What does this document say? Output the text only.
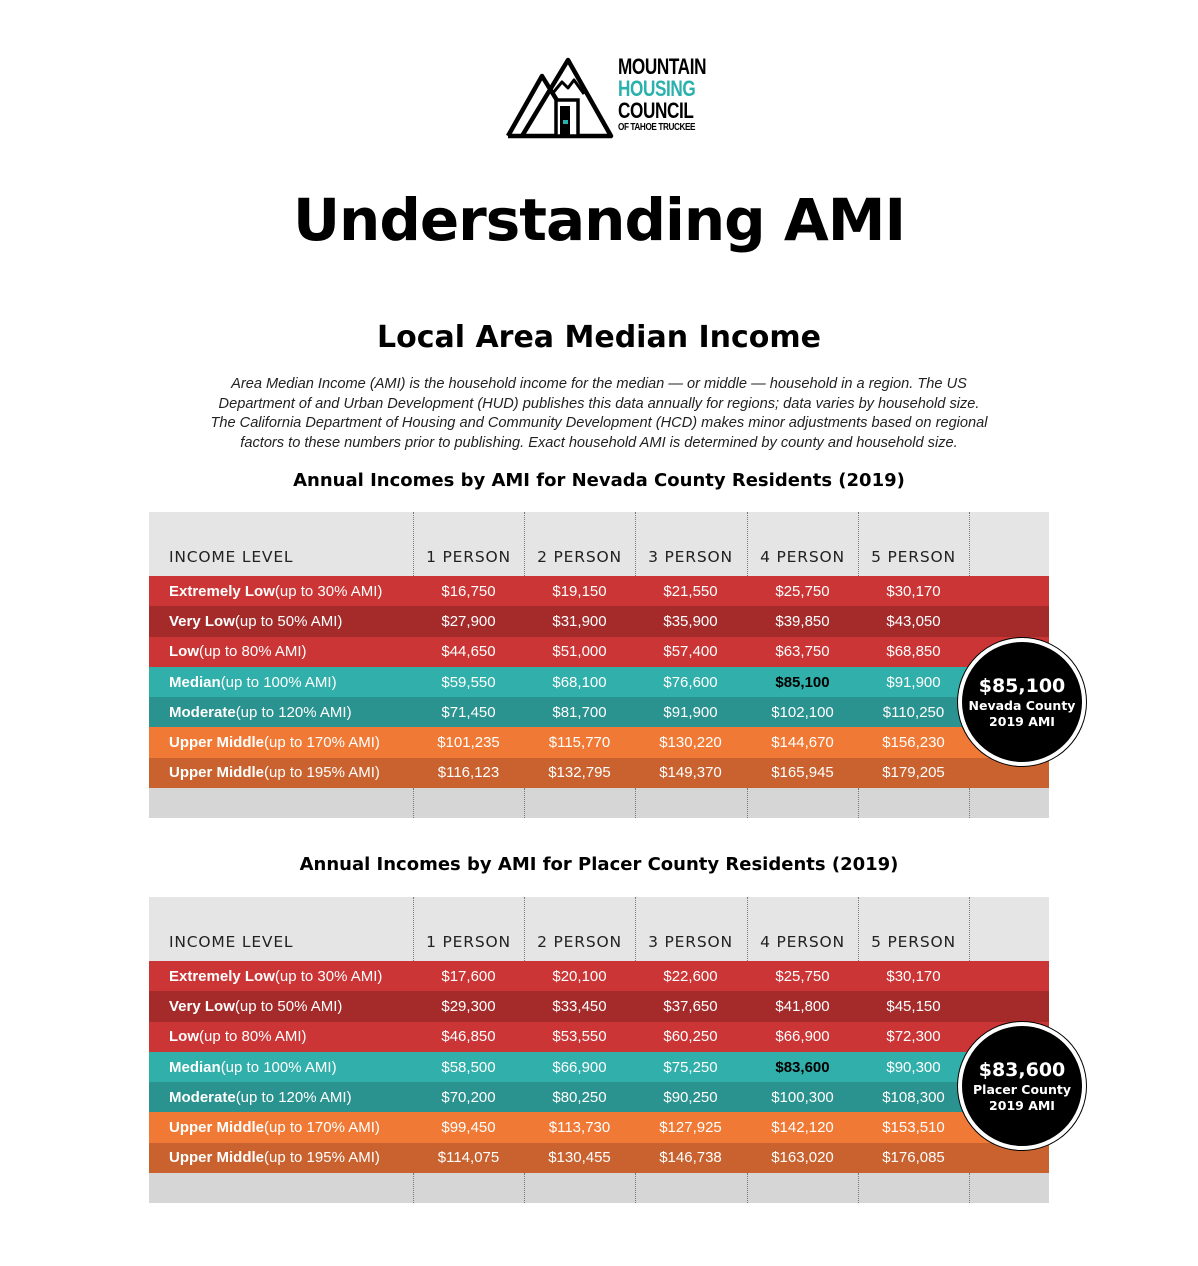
MOUNTAIN
HOUSING
COUNCIL
OF TAHOE TRUCKEE
Understanding AMI
Local Area Median Income
Area Median Income (AMI) is the household income for the median — or middle — household in a region. The US
Department of and Urban Development (HUD) publishes this data annually for regions; data varies by household size.
The California Department of Housing and Community Development (HCD) makes minor adjustments based on regional
factors to these numbers prior to publishing. Exact household AMI is determined by county and household size.
Annual Incomes by AMI for Nevada County Residents (2019)
INCOME LEVEL	1 PERSON	2 PERSON	3 PERSON	4 PERSON	5 PERSON
Extremely Low (up to 30% AMI)	$16,750	$19,150	$21,550	$25,750	$30,170
Very Low (up to 50% AMI)	$27,900	$31,900	$35,900	$39,850	$43,050
Low (up to 80% AMI)	$44,650	$51,000	$57,400	$63,750	$68,850
Median (up to 100% AMI)	$59,550	$68,100	$76,600	$85,100	$91,900
Moderate (up to 120% AMI)	$71,450	$81,700	$91,900	$102,100	$110,250
Upper Middle (up to 170% AMI)	$101,235	$115,770	$130,220	$144,670	$156,230
Upper Middle (up to 195% AMI)	$116,123	$132,795	$149,370	$165,945	$179,205
$85,100
Nevada County
2019 AMI
Annual Incomes by AMI for Placer County Residents (2019)
INCOME LEVEL	1 PERSON	2 PERSON	3 PERSON	4 PERSON	5 PERSON
Extremely Low (up to 30% AMI)	$17,600	$20,100	$22,600	$25,750	$30,170
Very Low (up to 50% AMI)	$29,300	$33,450	$37,650	$41,800	$45,150
Low (up to 80% AMI)	$46,850	$53,550	$60,250	$66,900	$72,300
Median (up to 100% AMI)	$58,500	$66,900	$75,250	$83,600	$90,300
Moderate (up to 120% AMI)	$70,200	$80,250	$90,250	$100,300	$108,300
Upper Middle (up to 170% AMI)	$99,450	$113,730	$127,925	$142,120	$153,510
Upper Middle (up to 195% AMI)	$114,075	$130,455	$146,738	$163,020	$176,085
$83,600
Placer County
2019 AMI
